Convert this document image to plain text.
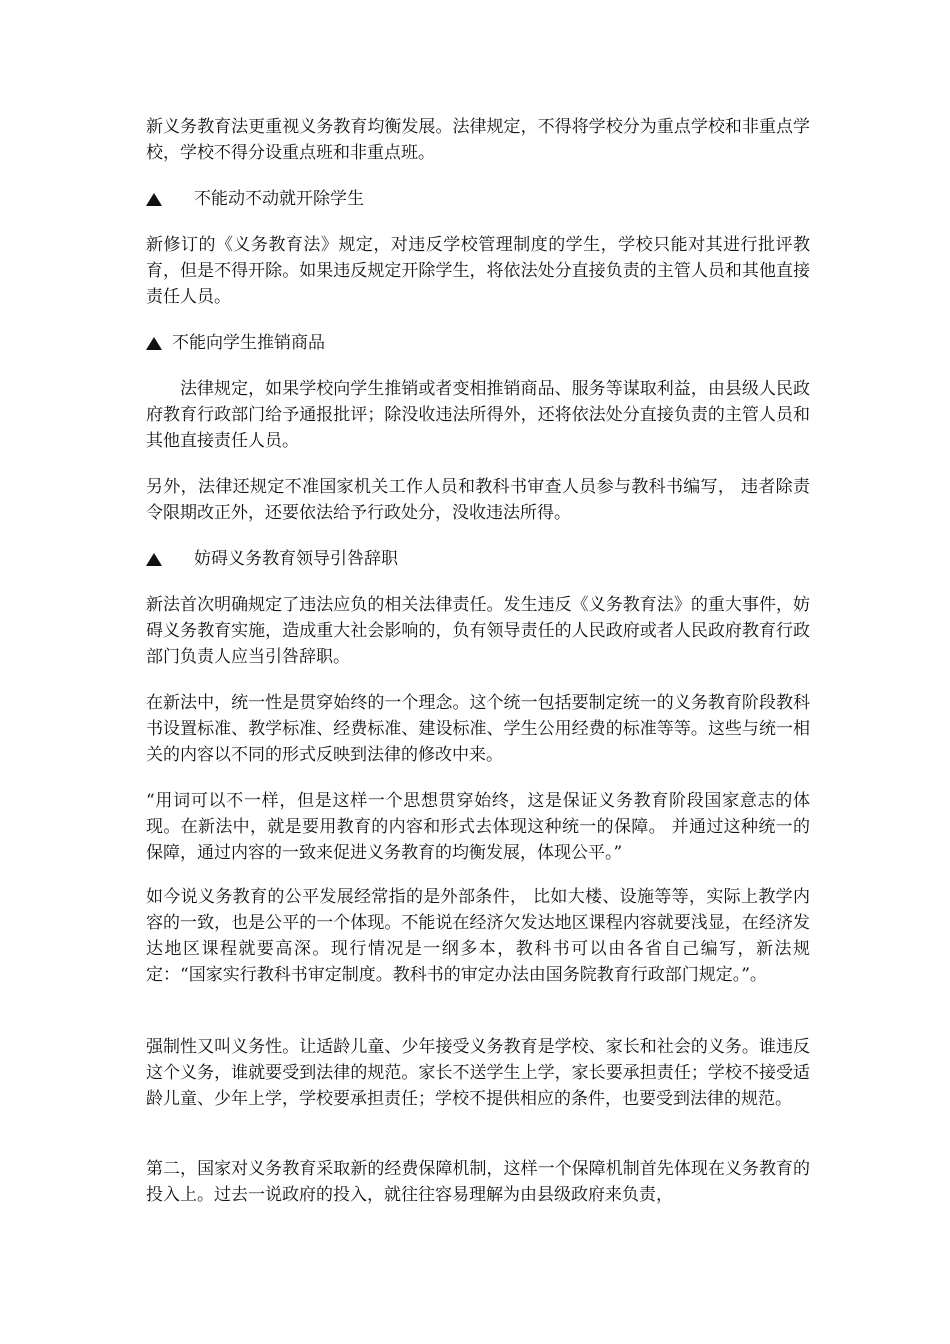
新义务教育法更重视义务教育均衡发展。法律规定，不得将学校分为重点学校和非重点学校，学校不得分设重点班和非重点班。

不能动不动就开除学生

新修订的《义务教育法》规定，对违反学校管理制度的学生，学校只能对其进行批评教育，但是不得开除。如果违反规定开除学生，将依法处分直接负责的主管人员和其他直接责任人员。

不能向学生推销商品

法律规定，如果学校向学生推销或者变相推销商品、服务等谋取利益，由县级人民政府教育行政部门给予通报批评；除没收违法所得外，还将依法处分直接负责的主管人员和其他直接责任人员。

另外，法律还规定不准国家机关工作人员和教科书审查人员参与教科书编写， 违者除责令限期改正外，还要依法给予行政处分，没收违法所得。

妨碍义务教育领导引咎辞职

新法首次明确规定了违法应负的相关法律责任。发生违反《义务教育法》的重大事件，妨碍义务教育实施，造成重大社会影响的，负有领导责任的人民政府或者人民政府教育行政部门负责人应当引咎辞职。

在新法中，统一性是贯穿始终的一个理念。这个统一包括要制定统一的义务教育阶段教科书设置标准、教学标准、经费标准、建设标准、学生公用经费的标准等等。这些与统一相关的内容以不同的形式反映到法律的修改中来。

“用词可以不一样，但是这样一个思想贯穿始终，这是保证义务教育阶段国家意志的体现。在新法中，就是要用教育的内容和形式去体现这种统一的保障。 并通过这种统一的保障，通过内容的一致来促进义务教育的均衡发展，体现公平。”

如今说义务教育的公平发展经常指的是外部条件， 比如大楼、设施等等，实际上教学内容的一致，也是公平的一个体现。不能说在经济欠发达地区课程内容就要浅显，在经济发达地区课程就要高深。现行情况是一纲多本，教科书可以由各省自己编写，新法规定：“国家实行教科书审定制度。教科书的审定办法由国务院教育行政部门规定。”。

强制性又叫义务性。让适龄儿童、少年接受义务教育是学校、家长和社会的义务。谁违反这个义务，谁就要受到法律的规范。家长不送学生上学，家长要承担责任；学校不接受适龄儿童、少年上学，学校要承担责任；学校不提供相应的条件，也要受到法律的规范。

第二，国家对义务教育采取新的经费保障机制，这样一个保障机制首先体现在义务教育的投入上。过去一说政府的投入，就往往容易理解为由县级政府来负责，
